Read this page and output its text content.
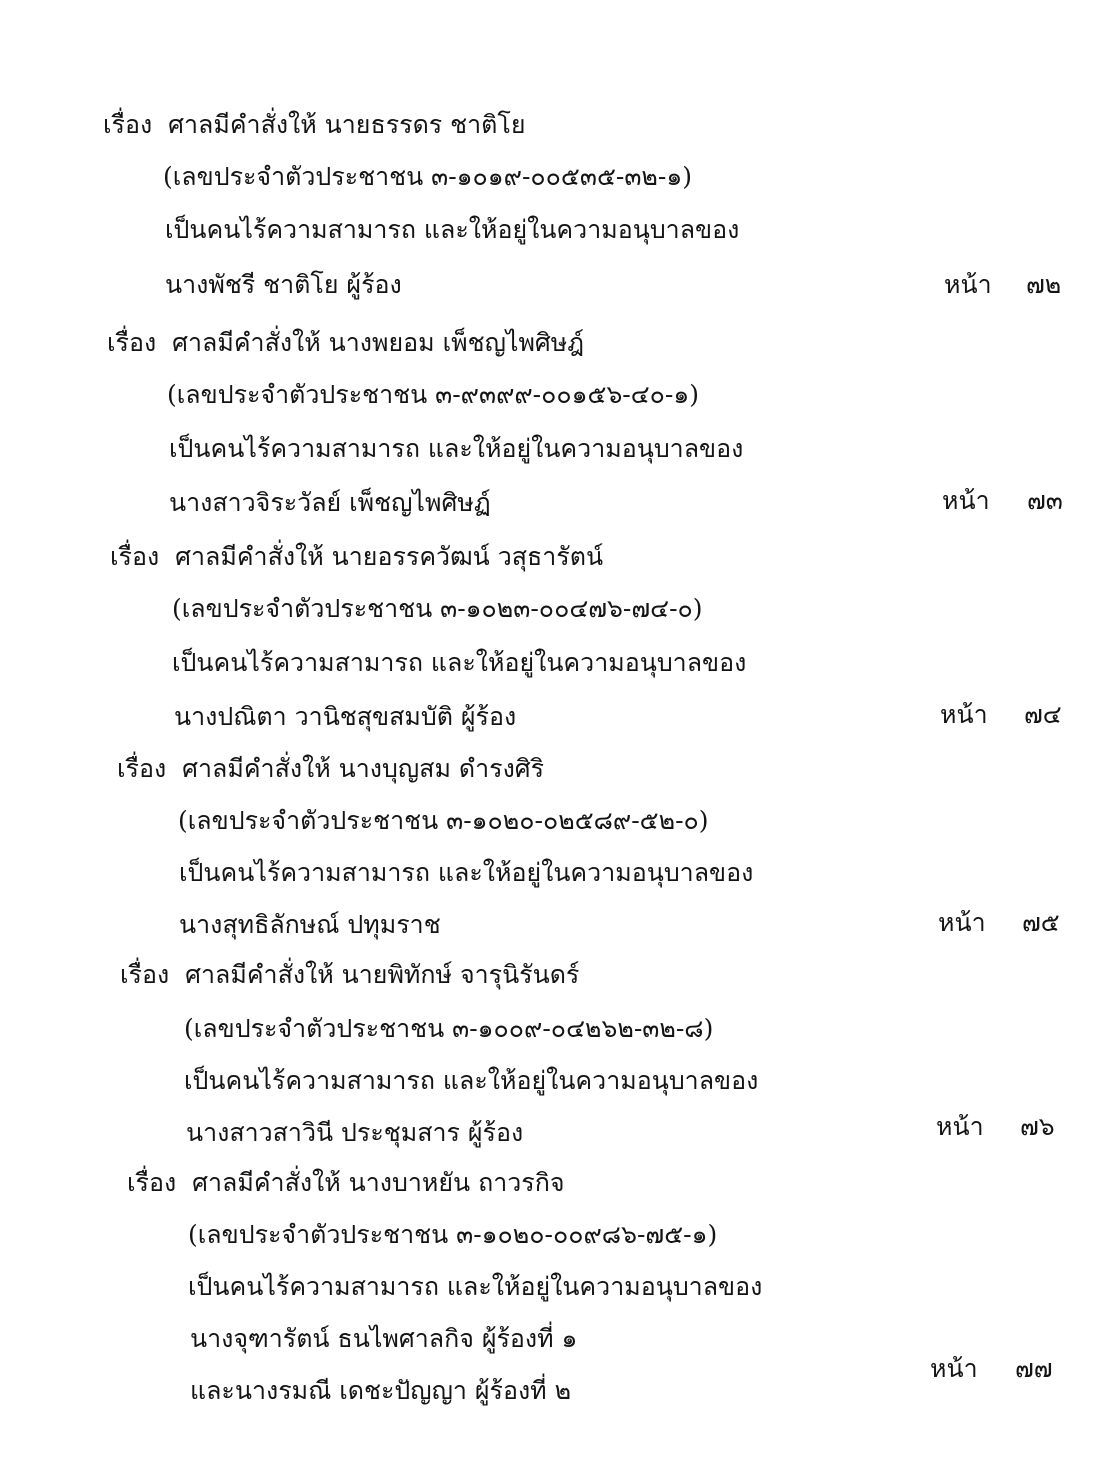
เรื่อง ศาลมีคำสั่งให้ นายธรรดร ชาติโย
(เลขประจำตัวประชาชน ๓-๑๐๑๙-๐๐๕๓๕-๓๒-๑)
เป็นคนไร้ความสามารถ และให้อยู่ในความอนุบาลของ
นางพัชรี ชาติโย ผู้ร้อง	หน้า ๗๒
เรื่อง ศาลมีคำสั่งให้ นางพยอม เพ็ชญไพศิษฎ์
(เลขประจำตัวประชาชน ๓-๙๓๙๙-๐๐๑๕๖-๔๐-๑)
เป็นคนไร้ความสามารถ และให้อยู่ในความอนุบาลของ
นางสาวจิระวัลย์ เพ็ชญไพศิษฏ์	หน้า ๗๓
เรื่อง ศาลมีคำสั่งให้ นายอรรควัฒน์ วสุธารัตน์
(เลขประจำตัวประชาชน ๓-๑๐๒๓-๐๐๔๗๖-๗๔-๐)
เป็นคนไร้ความสามารถ และให้อยู่ในความอนุบาลของ
นางปณิตา วานิชสุขสมบัติ ผู้ร้อง	หน้า ๗๔
เรื่อง ศาลมีคำสั่งให้ นางบุญสม ดำรงศิริ
(เลขประจำตัวประชาชน ๓-๑๐๒๐-๐๒๕๘๙-๕๒-๐)
เป็นคนไร้ความสามารถ และให้อยู่ในความอนุบาลของ
นางสุทธิลักษณ์ ปทุมราช	หน้า ๗๕
เรื่อง ศาลมีคำสั่งให้ นายพิทักษ์ จารุนิรันดร์
(เลขประจำตัวประชาชน ๓-๑๐๐๙-๐๔๒๖๒-๓๒-๘)
เป็นคนไร้ความสามารถ และให้อยู่ในความอนุบาลของ
นางสาวสาวินี ประชุมสาร ผู้ร้อง	หน้า ๗๖
เรื่อง ศาลมีคำสั่งให้ นางบาหยัน ถาวรกิจ
(เลขประจำตัวประชาชน ๓-๑๐๒๐-๐๐๙๘๖-๗๕-๑)
เป็นคนไร้ความสามารถ และให้อยู่ในความอนุบาลของ
นางจุฑารัตน์ ธนไพศาลกิจ ผู้ร้องที่ ๑
และนางรมณี เดชะปัญญา ผู้ร้องที่ ๒
หน้า ๗๗
